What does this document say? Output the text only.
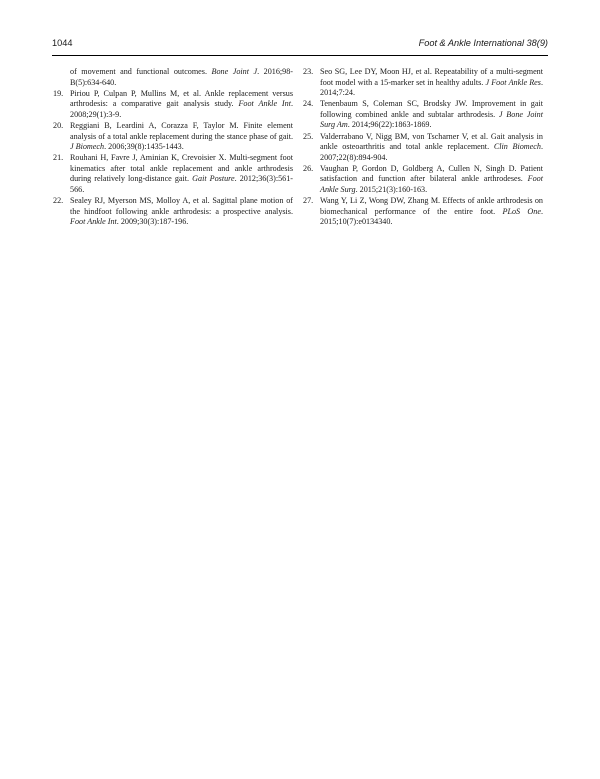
1044	Foot & Ankle International 38(9)
of movement and functional outcomes. Bone Joint J. 2016;98-B(5):634-640.
19. Piriou P, Culpan P, Mullins M, et al. Ankle replacement versus arthrodesis: a comparative gait analysis study. Foot Ankle Int. 2008;29(1):3-9.
20. Reggiani B, Leardini A, Corazza F, Taylor M. Finite element analysis of a total ankle replacement during the stance phase of gait. J Biomech. 2006;39(8):1435-1443.
21. Rouhani H, Favre J, Aminian K, Crevoisier X. Multi-segment foot kinematics after total ankle replacement and ankle arthrodesis during relatively long-distance gait. Gait Posture. 2012;36(3):561-566.
22. Sealey RJ, Myerson MS, Molloy A, et al. Sagittal plane motion of the hindfoot following ankle arthrodesis: a prospective analysis. Foot Ankle Int. 2009;30(3):187-196.
23. Seo SG, Lee DY, Moon HJ, et al. Repeatability of a multi-segment foot model with a 15-marker set in healthy adults. J Foot Ankle Res. 2014;7:24.
24. Tenenbaum S, Coleman SC, Brodsky JW. Improvement in gait following combined ankle and subtalar arthrodesis. J Bone Joint Surg Am. 2014;96(22):1863-1869.
25. Valderrabano V, Nigg BM, von Tscharner V, et al. Gait analysis in ankle osteoarthritis and total ankle replacement. Clin Biomech. 2007;22(8):894-904.
26. Vaughan P, Gordon D, Goldberg A, Cullen N, Singh D. Patient satisfaction and function after bilateral ankle arthrodeses. Foot Ankle Surg. 2015;21(3):160-163.
27. Wang Y, Li Z, Wong DW, Zhang M. Effects of ankle arthrodesis on biomechanical performance of the entire foot. PLoS One. 2015;10(7):e0134340.
